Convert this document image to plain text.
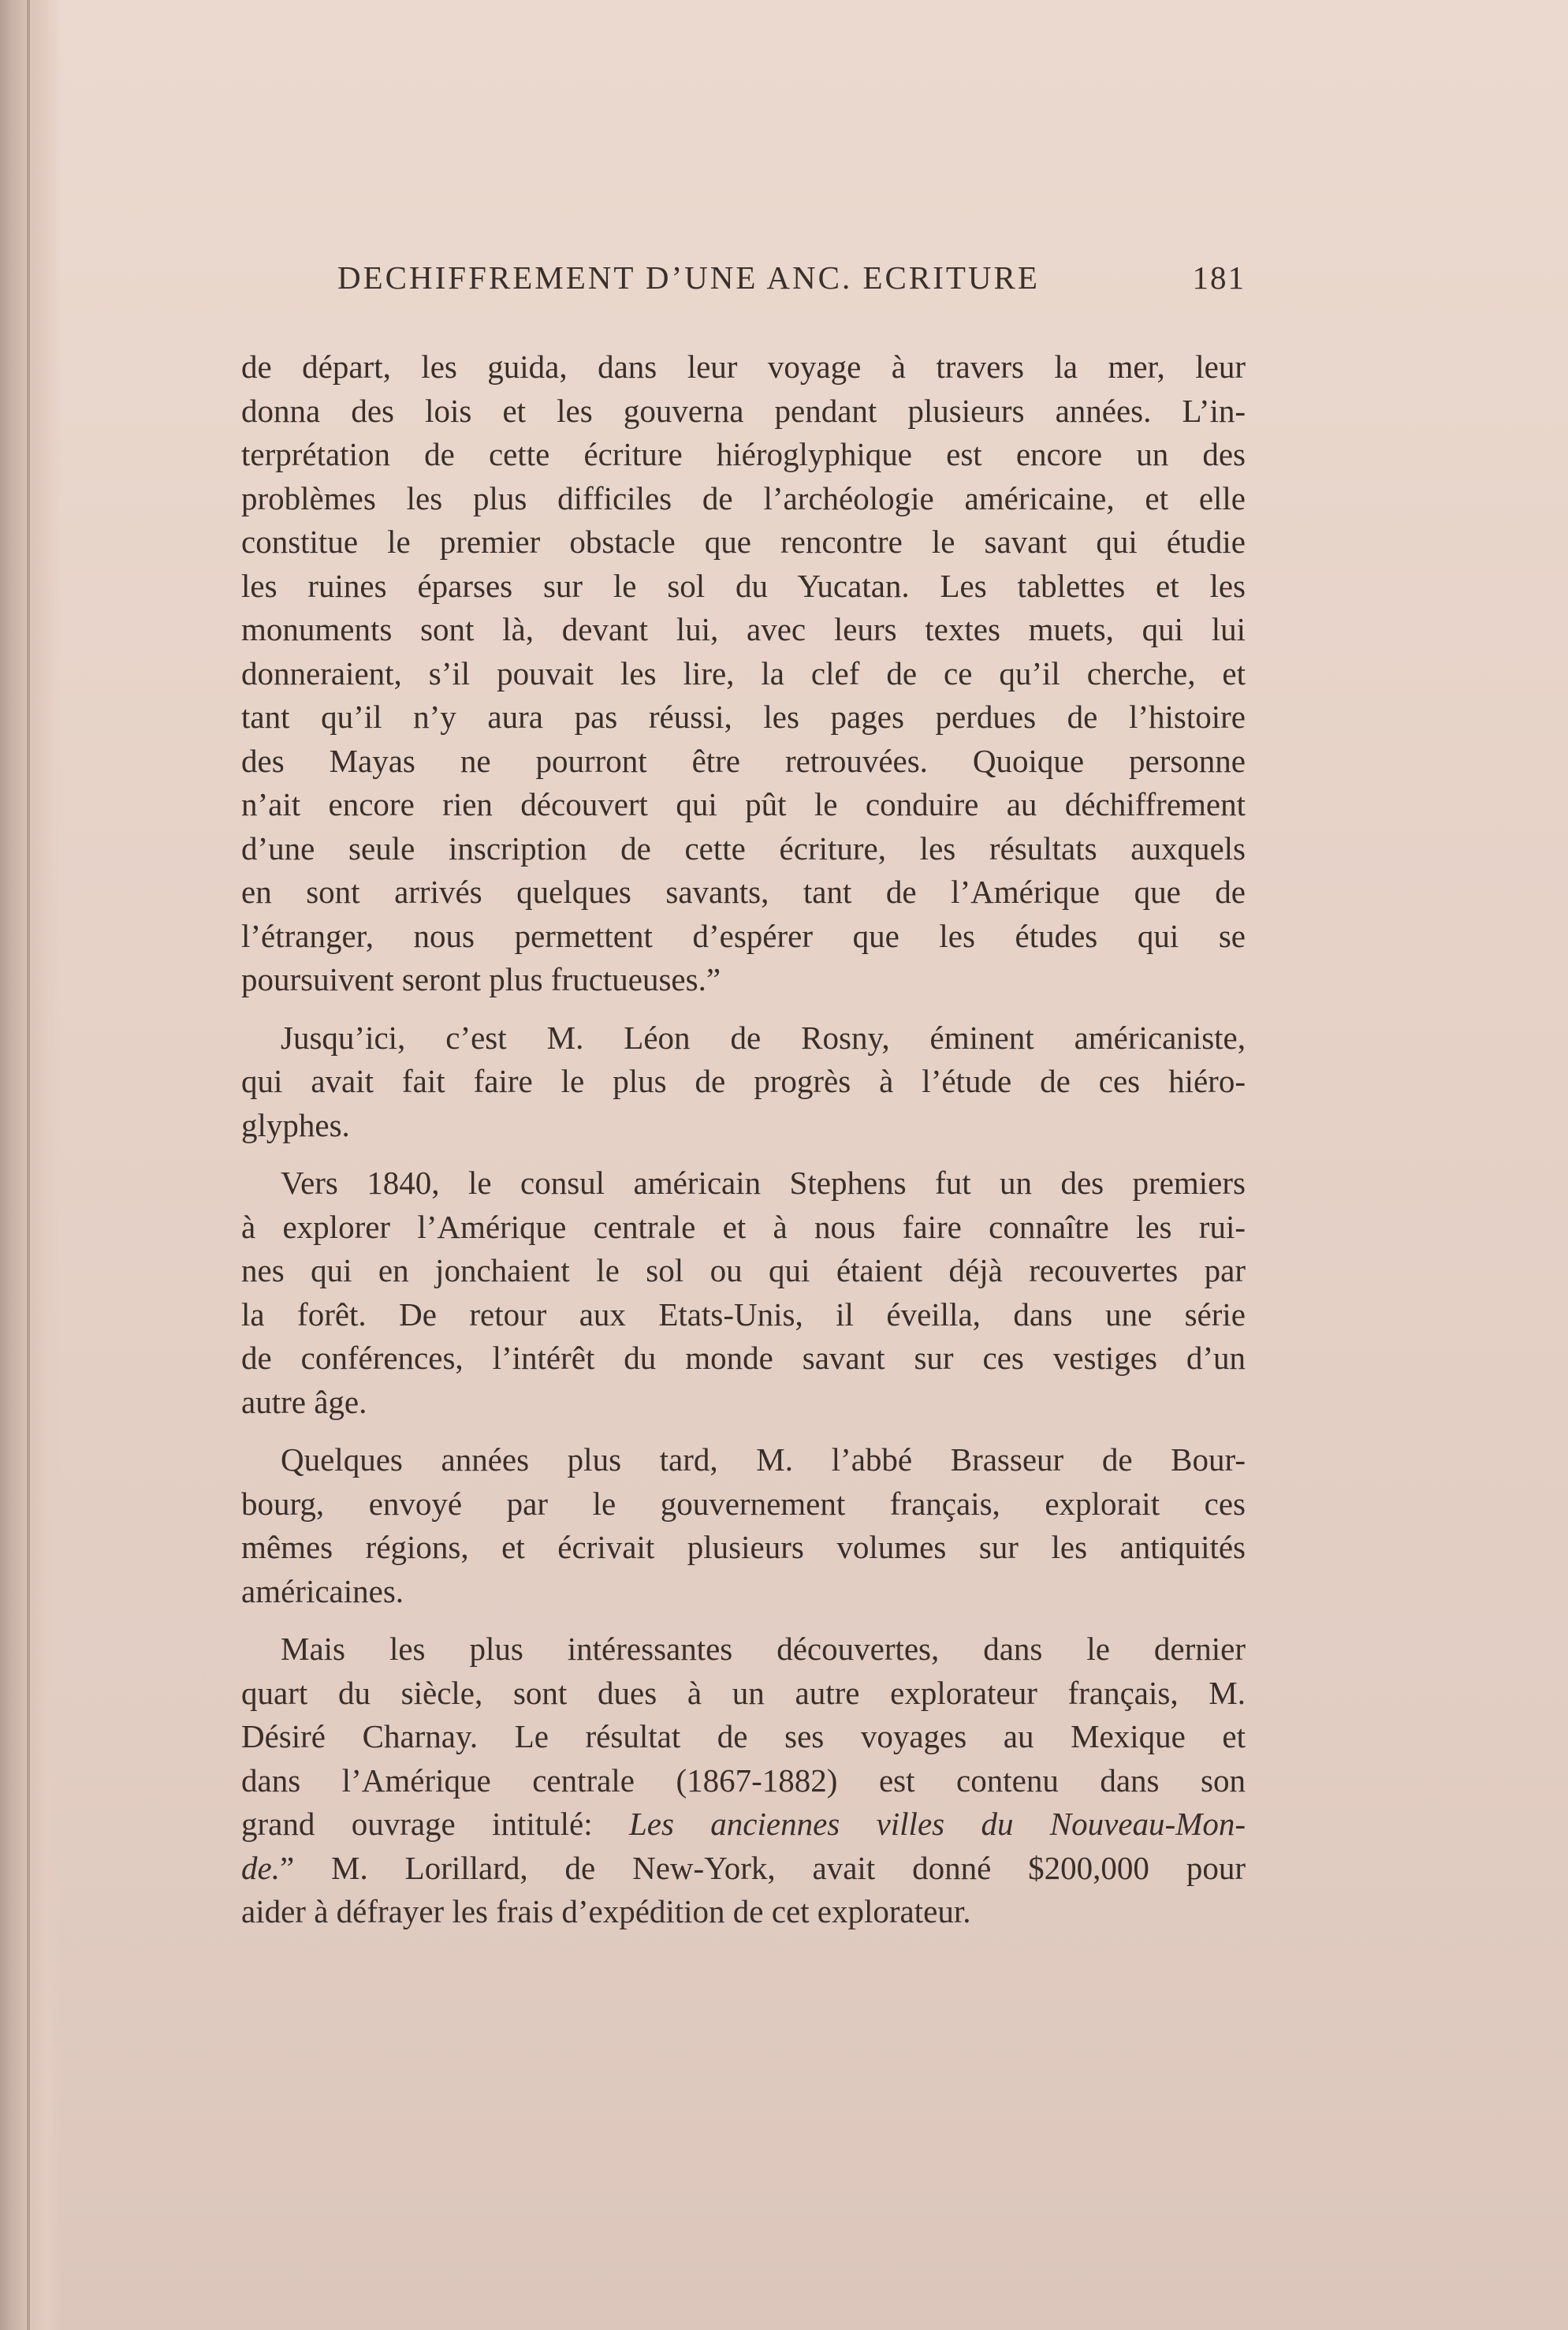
DECHIFFREMENT D’UNE ANC. ECRITURE	181
de départ, les guida, dans leur voyage à travers la mer, leur
donna des lois et les gouverna pendant plusieurs années. L’in-
terprétation de cette écriture hiéroglyphique est encore un des
problèmes les plus difficiles de l’archéologie américaine, et elle
constitue le premier obstacle que rencontre le savant qui étudie
les ruines éparses sur le sol du Yucatan. Les tablettes et les
monuments sont là, devant lui, avec leurs textes muets, qui lui
donneraient, s’il pouvait les lire, la clef de ce qu’il cherche, et
tant qu’il n’y aura pas réussi, les pages perdues de l’histoire
des Mayas ne pourront être retrouvées. Quoique personne
n’ait encore rien découvert qui pût le conduire au déchiffrement
d’une seule inscription de cette écriture, les résultats auxquels
en sont arrivés quelques savants, tant de l’Amérique que de
l’étranger, nous permettent d’espérer que les études qui se
poursuivent seront plus fructueuses.”
Jusqu’ici, c’est M. Léon de Rosny, éminent américaniste,
qui avait fait faire le plus de progrès à l’étude de ces hiéro-
glyphes.
Vers 1840, le consul américain Stephens fut un des premiers
à explorer l’Amérique centrale et à nous faire connaître les rui-
nes qui en jonchaient le sol ou qui étaient déjà recouvertes par
la forêt. De retour aux Etats-Unis, il éveilla, dans une série
de conférences, l’intérêt du monde savant sur ces vestiges d’un
autre âge.
Quelques années plus tard, M. l’abbé Brasseur de Bour-
bourg, envoyé par le gouvernement français, explorait ces
mêmes régions, et écrivait plusieurs volumes sur les antiquités
américaines.
Mais les plus intéressantes découvertes, dans le dernier
quart du siècle, sont dues à un autre explorateur français, M.
Désiré Charnay. Le résultat de ses voyages au Mexique et
dans l’Amérique centrale (1867-1882) est contenu dans son
grand ouvrage intitulé: Les anciennes villes du Nouveau-Mon-
de.” M. Lorillard, de New-York, avait donné $200,000 pour
aider à défrayer les frais d’expédition de cet explorateur.
